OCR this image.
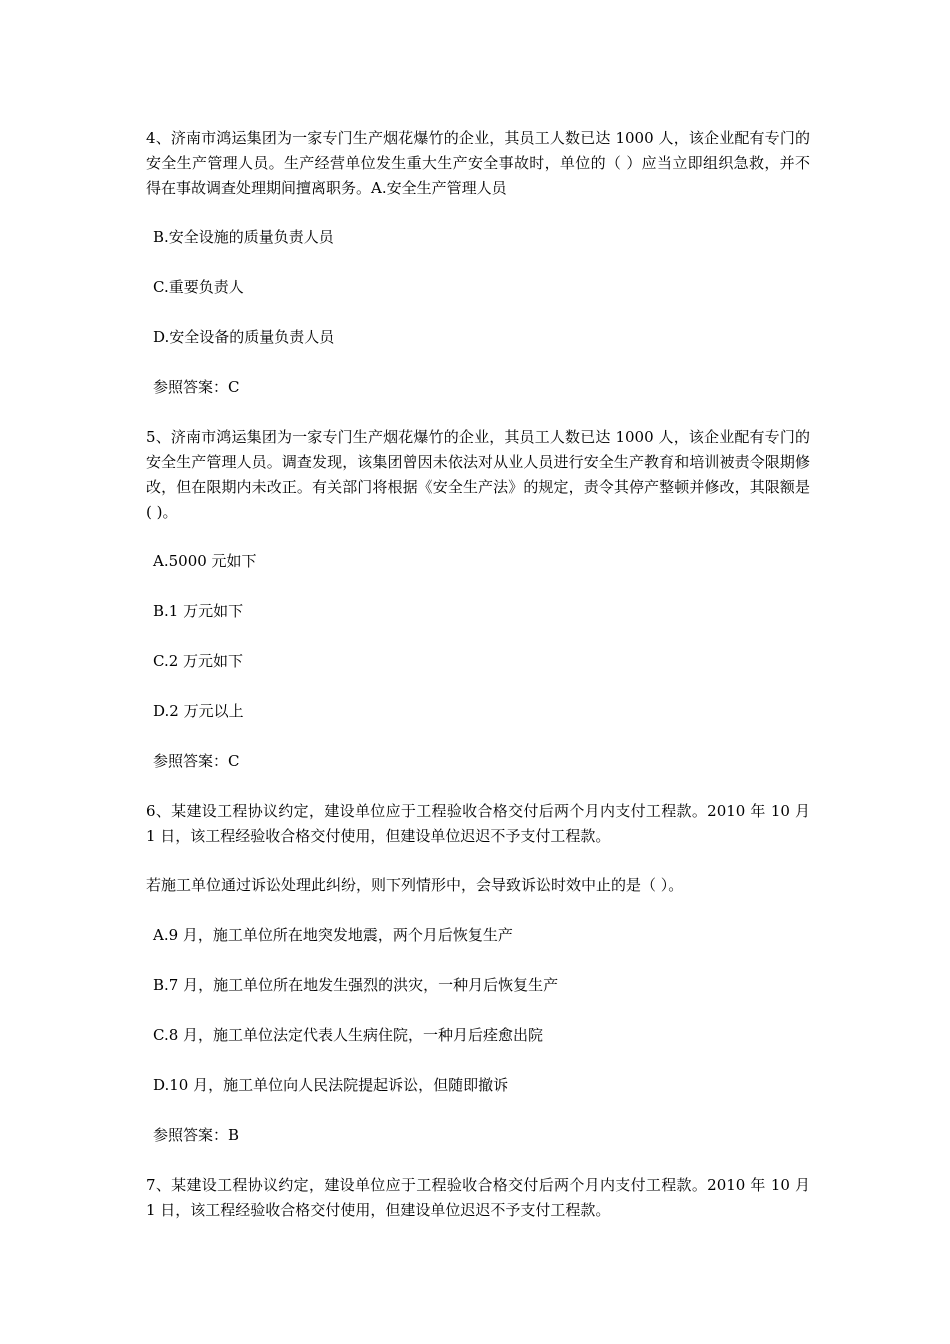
4、济南市鸿运集团为一家专门生产烟花爆竹的企业，其员工人数已达 1000 人，该企业配有专门的安全生产管理人员。生产经营单位发生重大生产安全事故时，单位的（ ）应当立即组织急救，并不得在事故调查处理期间擅离职务。A.安全生产管理人员

B.安全设施的质量负责人员

C.重要负责人

D.安全设备的质量负责人员

参照答案：C

5、济南市鸿运集团为一家专门生产烟花爆竹的企业，其员工人数已达 1000 人，该企业配有专门的安全生产管理人员。调查发现，该集团曾因未依法对从业人员进行安全生产教育和培训被责令限期修改，但在限期内未改正。有关部门将根据《安全生产法》的规定，责令其停产整顿并修改，其限额是( )。

A.5000 元如下

B.1 万元如下

C.2 万元如下

D.2 万元以上

参照答案：C

6、某建设工程协议约定，建设单位应于工程验收合格交付后两个月内支付工程款。2010 年 10 月 1 日，该工程经验收合格交付使用，但建设单位迟迟不予支付工程款。

若施工单位通过诉讼处理此纠纷，则下列情形中，会导致诉讼时效中止的是（ ）。

A.9 月，施工单位所在地突发地震，两个月后恢复生产

B.7 月，施工单位所在地发生强烈的洪灾，一种月后恢复生产

C.8 月，施工单位法定代表人生病住院，一种月后痊愈出院

D.10 月，施工单位向人民法院提起诉讼，但随即撤诉

参照答案：B

7、某建设工程协议约定，建设单位应于工程验收合格交付后两个月内支付工程款。2010 年 10 月 1 日，该工程经验收合格交付使用，但建设单位迟迟不予支付工程款。
